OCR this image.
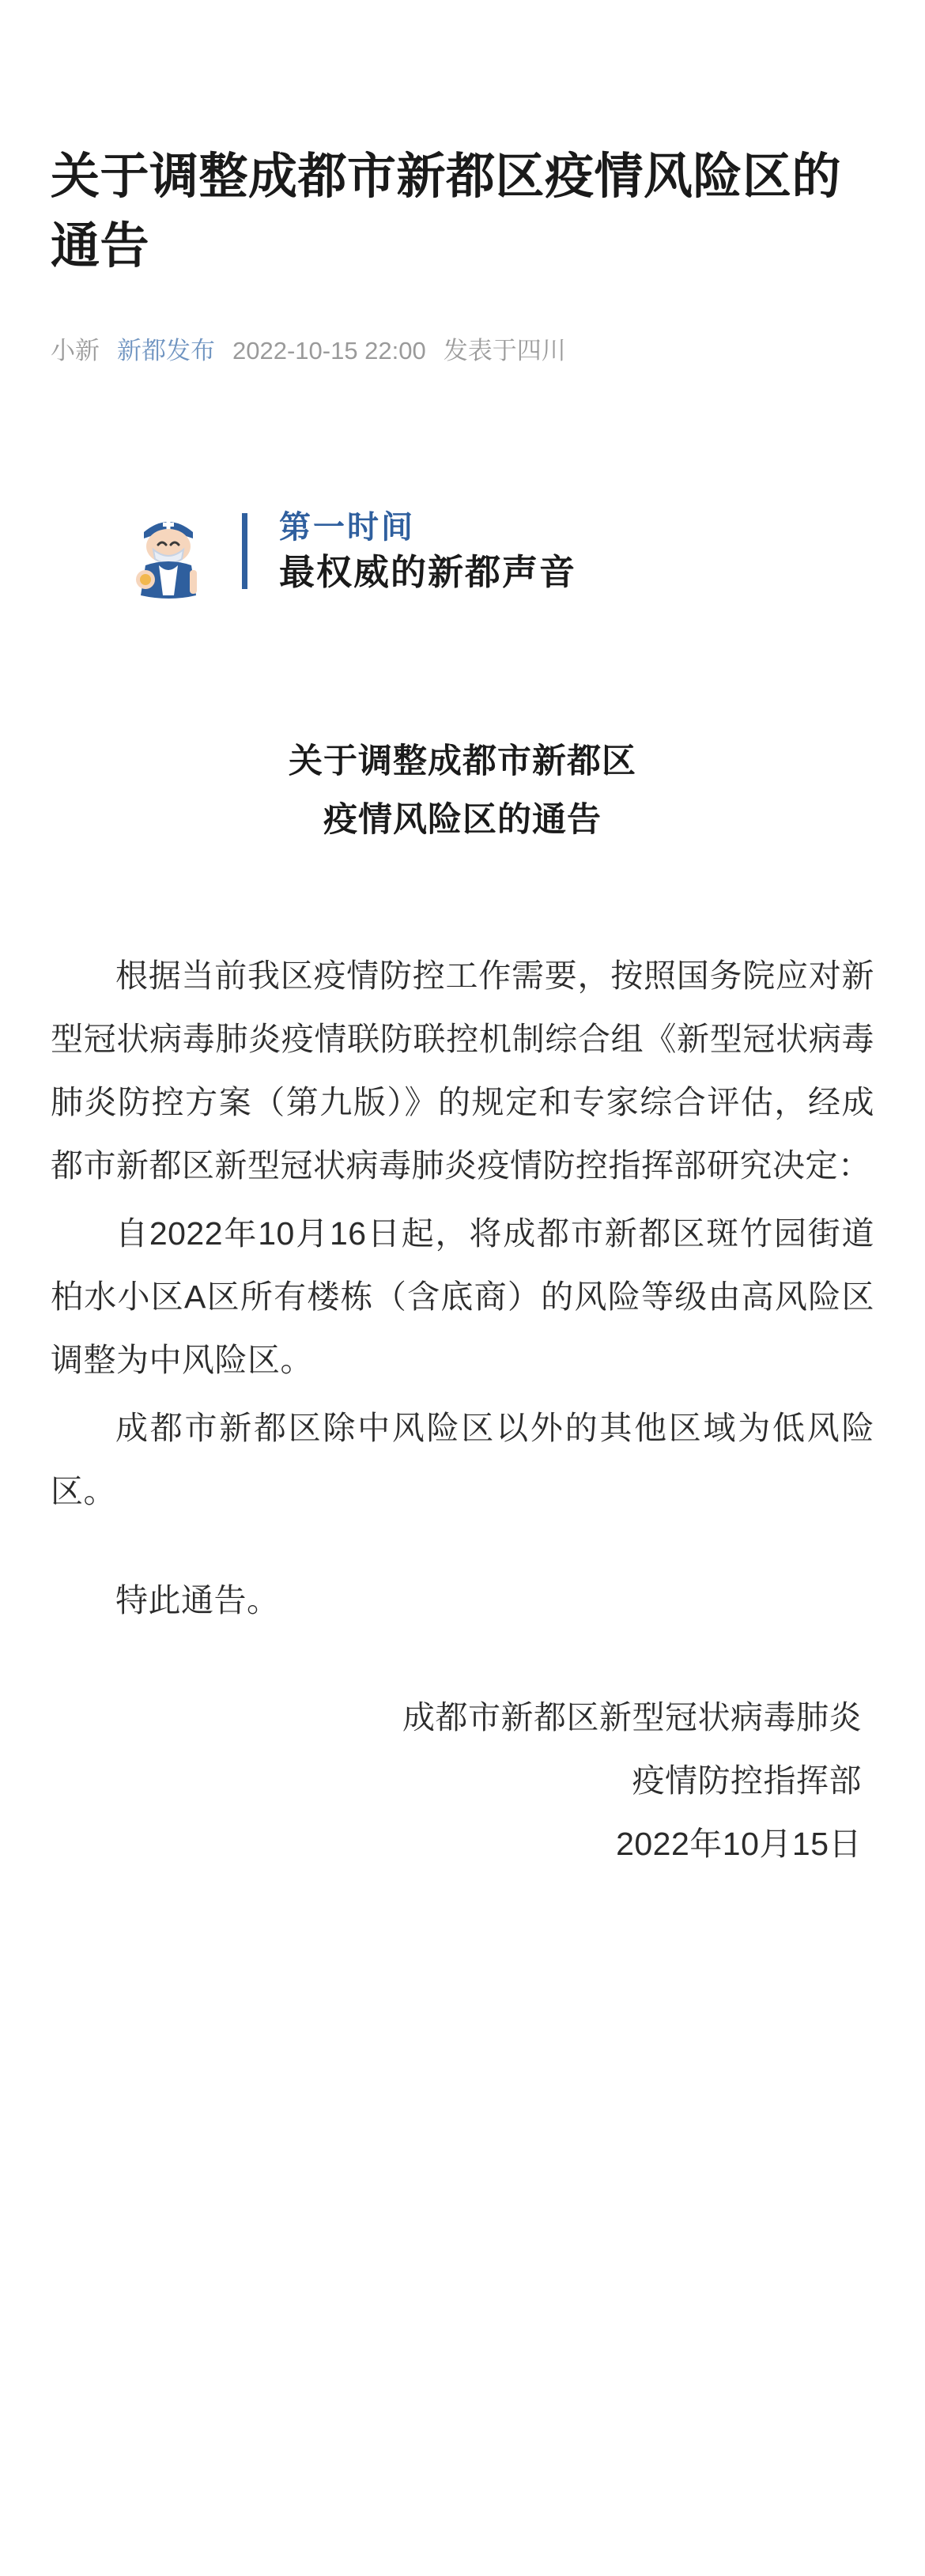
关于调整成都市新都区疫情风险区的通告
小新 新都发布 2022-10-15 22:00 发表于四川
第一时间
最权威的新都声音
关于调整成都市新都区
疫情风险区的通告

根据当前我区疫情防控工作需要，按照国务院应对新型冠状病毒肺炎疫情联防联控机制综合组《新型冠状病毒肺炎防控方案（第九版）》的规定和专家综合评估，经成都市新都区新型冠状病毒肺炎疫情防控指挥部研究决定：

自2022年10月16日起，将成都市新都区斑竹园街道柏水小区A区所有楼栋（含底商）的风险等级由高风险区调整为中风险区。

成都市新都区除中风险区以外的其他区域为低风险区。

特此通告。

成都市新都区新型冠状病毒肺炎
疫情防控指挥部
2022年10月15日
